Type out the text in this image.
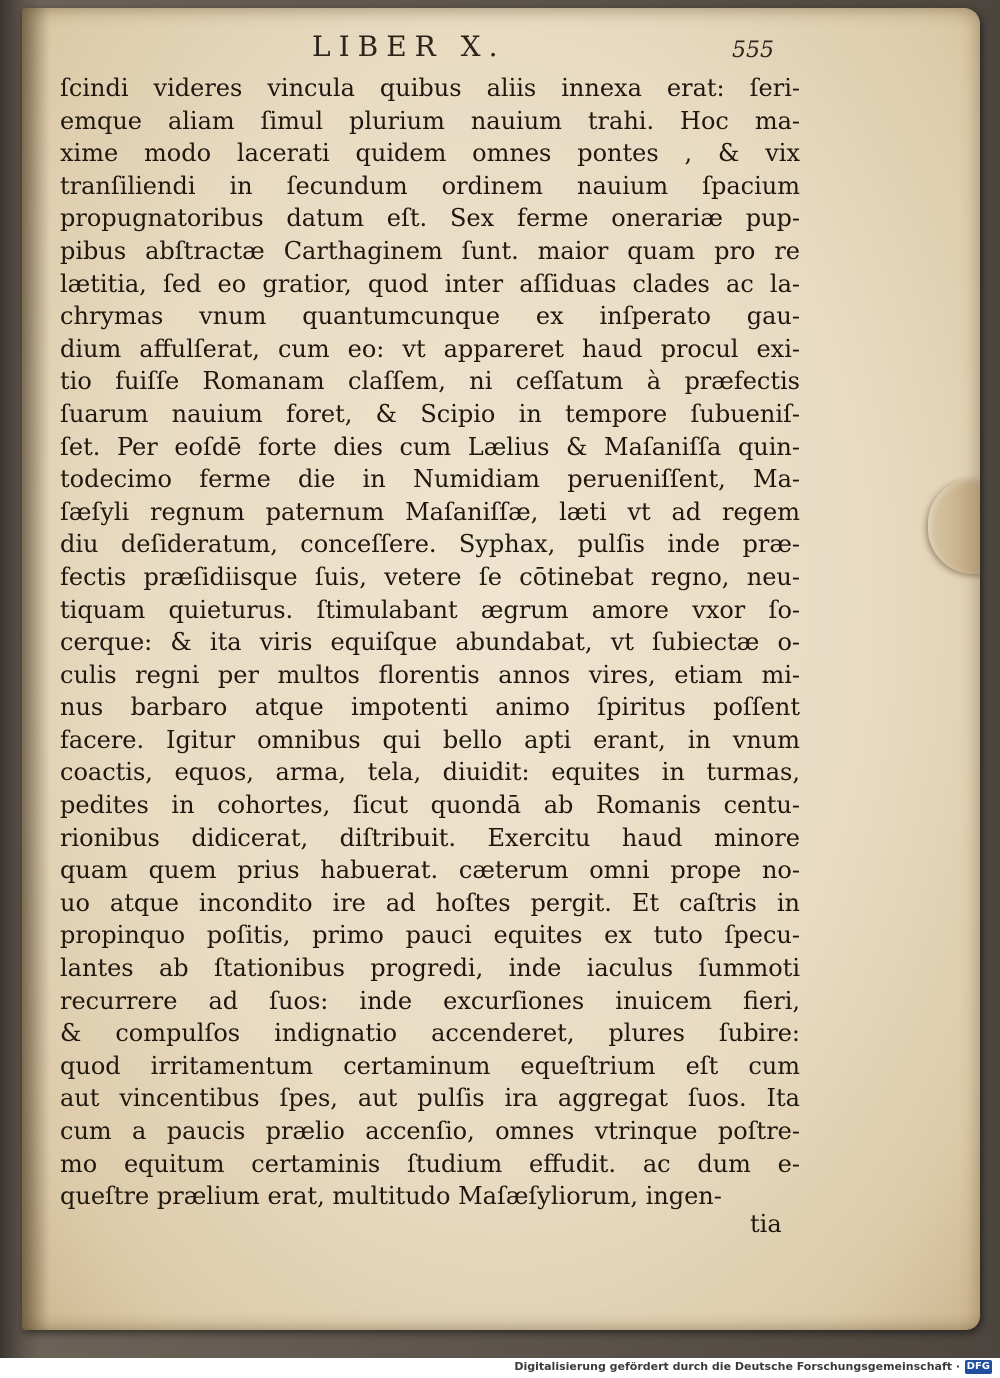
LIBER X.	555
ſcindi videres vincula quibus aliis innexa erat: ſeri-
emque aliam ſimul plurium nauium trahi. Hoc ma-
xime modo lacerati quidem omnes pontes , & vix
tranſiliendi in ſecundum ordinem nauium ſpacium
propugnatoribus datum eſt. Sex ferme onerariæ pup-
pibus abſtractæ Carthaginem ſunt. maior quam pro re
lætitia, ſed eo gratior, quod inter aſſiduas clades ac la-
chrymas vnum quantumcunque ex inſperato gau-
dium affulſerat, cum eo: vt appareret haud procul exi-
tio fuiſſe Romanam claſſem, ni ceſſatum à præfectis
ſuarum nauium foret, & Scipio in tempore ſubueniſ-
ſet. Per eoſdē forte dies cum Lælius & Maſaniſſa quin-
todecimo ferme die in Numidiam perueniſſent, Ma-
ſæſyli regnum paternum Maſaniſſæ, læti vt ad regem
diu deſideratum, conceſſere. Syphax, pulſis inde præ-
fectis præſidiisque ſuis, vetere ſe cōtinebat regno, neu-
tiquam quieturus. ſtimulabant ægrum amore vxor ſo-
cerque: & ita viris equiſque abundabat, vt ſubiectæ o-
culis regni per multos florentis annos vires, etiam mi-
nus barbaro atque impotenti animo ſpiritus poſſent
facere. Igitur omnibus qui bello apti erant, in vnum
coactis, equos, arma, tela, diuidit: equites in turmas,
pedites in cohortes, ſicut quondā ab Romanis centu-
rionibus didicerat, diſtribuit. Exercitu haud minore
quam quem prius habuerat. cæterum omni prope no-
uo atque incondito ire ad hoſtes pergit. Et caſtris in
propinquo poſitis, primo pauci equites ex tuto ſpecu-
lantes ab ſtationibus progredi, inde iaculus ſummoti
recurrere ad ſuos: inde excurſiones inuicem fieri,
& compulſos indignatio accenderet, plures ſubire:
quod irritamentum certaminum equeſtrium eſt cum
aut vincentibus ſpes, aut pulſis ira aggregat ſuos. Ita
cum a paucis prælio accenſio, omnes vtrinque poſtre-
mo equitum certaminis ſtudium effudit. ac dum e-
queſtre prælium erat, multitudo Maſæſyliorum, ingen-
tia
Digitalisierung gefördert durch die Deutsche Forschungsgemeinschaft · DFG
